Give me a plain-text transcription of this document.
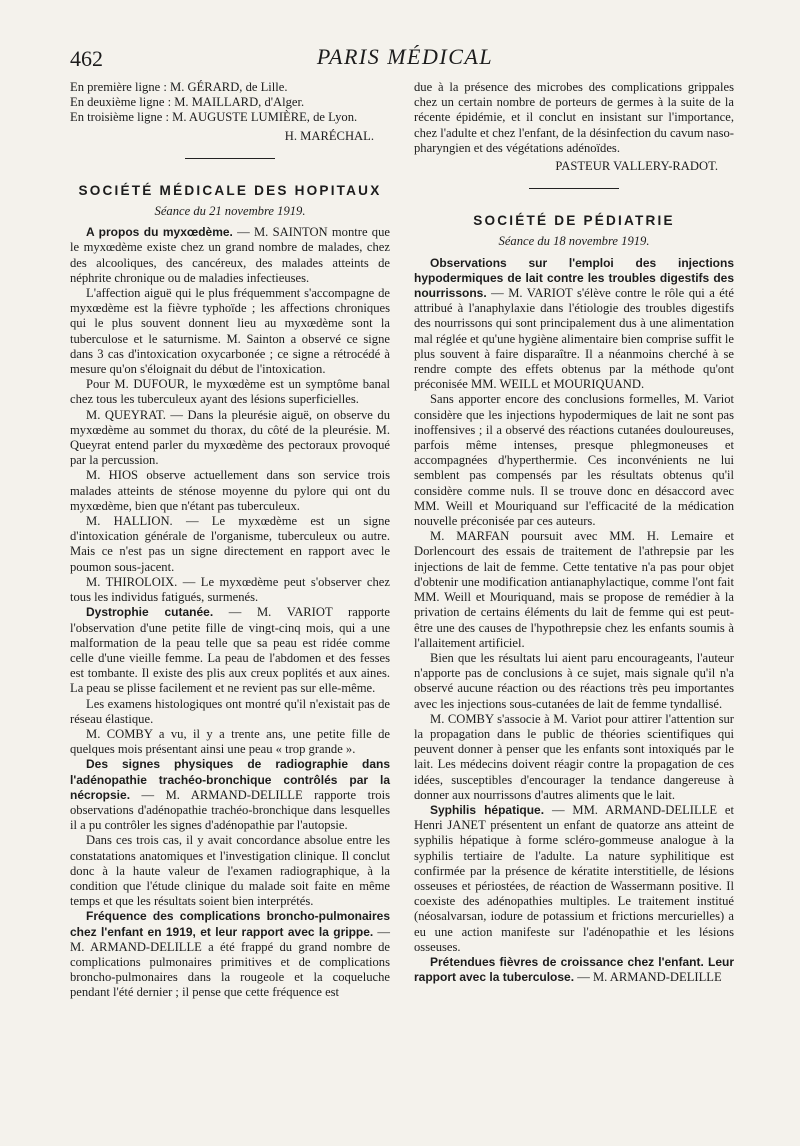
462	PARIS MÉDICAL

En première ligne : M. GÉRARD, de Lille.
En deuxième ligne : M. MAILLARD, d'Alger.
En troisième ligne : M. AUGUSTE LUMIÈRE, de Lyon.

H. MARÉCHAL.

SOCIÉTÉ MÉDICALE DES HOPITAUX
Séance du 21 novembre 1919.

A propos du myxœdème. — M. SAINTON montre que le myxœdème existe chez un grand nombre de malades, chez des alcooliques, des cancéreux, des malades atteints de néphrite chronique ou de maladies infectieuses.

L'affection aiguë qui le plus fréquemment s'accompagne de myxœdème est la fièvre typhoïde ; les affections chroniques qui le plus souvent donnent lieu au myxœdème sont la tuberculose et le saturnisme. M. Sainton a observé ce signe dans 3 cas d'intoxication oxycarbonée ; ce signe a rétrocédé à mesure qu'on s'éloignait du début de l'intoxication.

Pour M. DUFOUR, le myxœdème est un symptôme banal chez tous les tuberculeux ayant des lésions superficielles.

M. QUEYRAT. — Dans la pleurésie aiguë, on observe du myxœdème au sommet du thorax, du côté de la pleurésie. M. Queyrat entend parler du myxœdème des pectoraux provoqué par la percussion.

M. HIOS observe actuellement dans son service trois malades atteints de sténose moyenne du pylore qui ont du myxœdème, bien que n'étant pas tuberculeux.

M. HALLION. — Le myxœdème est un signe d'intoxication générale de l'organisme, tuberculeux ou autre. Mais ce n'est pas un signe directement en rapport avec le poumon sous-jacent.

M. THIROLOIX. — Le myxœdème peut s'observer chez tous les individus fatigués, surmenés.

Dystrophie cutanée. — M. VARIOT rapporte l'observation d'une petite fille de vingt-cinq mois, qui a une malformation de la peau telle que sa peau est ridée comme celle d'une vieille femme. La peau de l'abdomen et des fesses est tombante. Il existe des plis aux creux poplités et aux aines. La peau se plisse facilement et ne revient pas sur elle-même.

Les examens histologiques ont montré qu'il n'existait pas de réseau élastique.

M. COMBY a vu, il y a trente ans, une petite fille de quelques mois présentant ainsi une peau « trop grande ».

Des signes physiques de radiographie dans l'adénopathie trachéo-bronchique contrôlés par la nécropsie. — M. ARMAND-DELILLE rapporte trois observations d'adénopathie trachéo-bronchique dans lesquelles il a pu contrôler les signes d'adénopathie par l'autopsie.

Dans ces trois cas, il y avait concordance absolue entre les constatations anatomiques et l'investigation clinique. Il conclut donc à la haute valeur de l'examen radiographique, à la condition que l'étude clinique du malade soit faite en même temps et que les résultats soient bien interprétés.

Fréquence des complications broncho-pulmonaires chez l'enfant en 1919, et leur rapport avec la grippe. — M. ARMAND-DELILLE a été frappé du grand nombre de complications pulmonaires primitives et de complications broncho-pulmonaires dans la rougeole et la coqueluche pendant l'été dernier ; il pense que cette fréquence est

due à la présence des microbes des complications grippales chez un certain nombre de porteurs de germes à la suite de la récente épidémie, et il conclut en insistant sur l'importance, chez l'adulte et chez l'enfant, de la désinfection du cavum naso-pharyngien et des végétations adénoïdes.

PASTEUR VALLERY-RADOT.

SOCIÉTÉ DE PÉDIATRIE
Séance du 18 novembre 1919.

Observations sur l'emploi des injections hypodermiques de lait contre les troubles digestifs des nourrissons. — M. VARIOT s'élève contre le rôle qui a été attribué à l'anaphylaxie dans l'étiologie des troubles digestifs des nourrissons qui sont principalement dus à une alimentation mal réglée et qu'une hygiène alimentaire bien comprise suffit le plus souvent à faire disparaître. Il a néanmoins cherché à se rendre compte des effets obtenus par la méthode qu'ont préconisée MM. WEILL et MOURIQUAND.

Sans apporter encore des conclusions formelles, M. Variot considère que les injections hypodermiques de lait ne sont pas inoffensives ; il a observé des réactions cutanées douloureuses, parfois même intenses, presque phlegmoneuses et accompagnées d'hyperthermie. Ces inconvénients ne lui semblent pas compensés par les résultats obtenus qu'il considère comme nuls. Il se trouve donc en désaccord avec MM. Weill et Mouriquand sur l'efficacité de la médication nouvelle préconisée par ces auteurs.

M. MARFAN poursuit avec MM. H. Lemaire et Dorlencourt des essais de traitement de l'athrepsie par les injections de lait de femme. Cette tentative n'a pas pour objet d'obtenir une modification antianaphylactique, comme l'ont fait MM. Weill et Mouriquand, mais se propose de remédier à la privation de certains éléments du lait de femme qui est peut-être une des causes de l'hypothrepsie chez les enfants soumis à l'allaitement artificiel.

Bien que les résultats lui aient paru encourageants, l'auteur n'apporte pas de conclusions à ce sujet, mais signale qu'il n'a observé aucune réaction ou des réactions très peu importantes avec les injections sous-cutanées de lait de femme tyndallisé.

M. COMBY s'associe à M. Variot pour attirer l'attention sur la propagation dans le public de théories scientifiques qui peuvent donner à penser que les enfants sont intoxiqués par le lait. Les médecins doivent réagir contre la propagation de ces idées, susceptibles d'encourager la tendance dangereuse à donner aux nourrissons d'autres aliments que le lait.

Syphilis hépatique. — MM. ARMAND-DELILLE et Henri JANET présentent un enfant de quatorze ans atteint de syphilis hépatique à forme scléro-gommeuse analogue à la syphilis tertiaire de l'adulte. La nature syphilitique est confirmée par la présence de kératite interstitielle, de lésions osseuses et périostées, de réaction de Wassermann positive. Il coexiste des adénopathies multiples. Le traitement institué (néosalvarsan, iodure de potassium et frictions mercurielles) a eu une action manifeste sur l'adénopathie et les lésions osseuses.

Prétendues fièvres de croissance chez l'enfant. Leur rapport avec la tuberculose. — M. ARMAND-DELILLE
